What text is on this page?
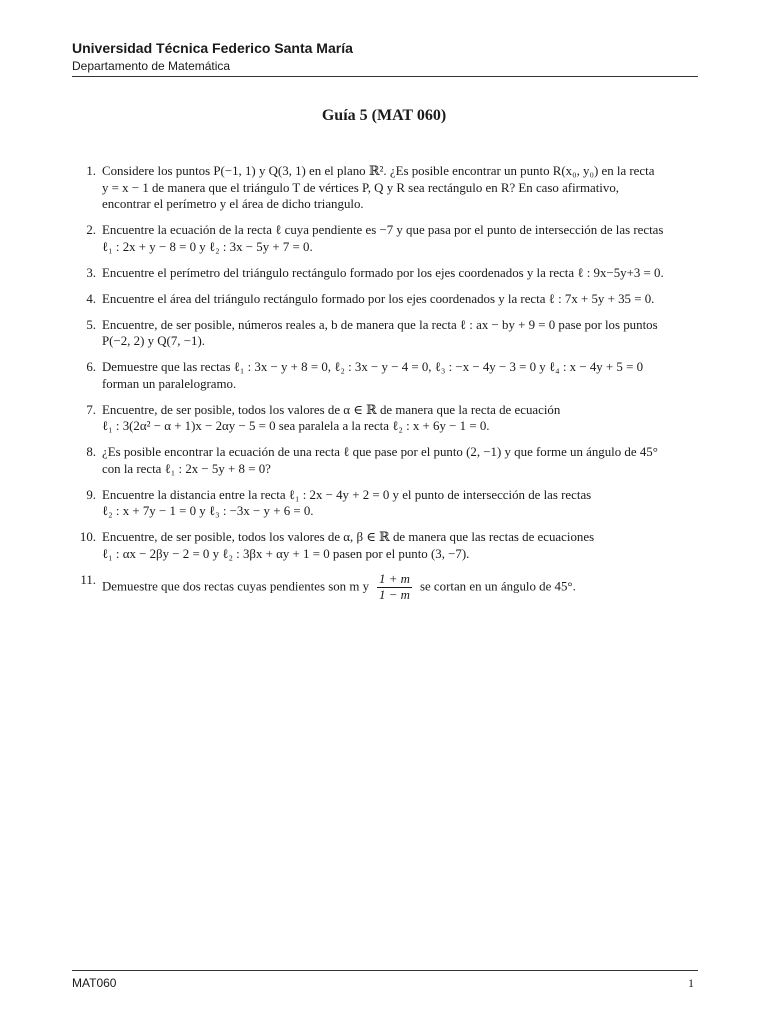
Universidad Técnica Federico Santa María
Departamento de Matemática
Guía 5 (MAT 060)
1. Considere los puntos P(−1, 1) y Q(3, 1) en el plano ℝ². ¿Es posible encontrar un punto R(x₀, y₀) en la recta
y = x − 1 de manera que el triángulo T de vértices P, Q y R sea rectángulo en R? En caso afirmativo,
encontrar el perímetro y el área de dicho triangulo.
2. Encuentre la ecuación de la recta ℓ cuya pendiente es −7 y que pasa por el punto de intersección de las rectas
ℓ₁ : 2x + y − 8 = 0 y ℓ₂ : 3x − 5y + 7 = 0.
3. Encuentre el perímetro del triángulo rectángulo formado por los ejes coordenados y la recta ℓ : 9x−5y+3 = 0.
4. Encuentre el área del triángulo rectángulo formado por los ejes coordenados y la recta ℓ : 7x + 5y + 35 = 0.
5. Encuentre, de ser posible, números reales a, b de manera que la recta ℓ : ax − by + 9 = 0 pase por los puntos
P(−2, 2) y Q(7, −1).
6. Demuestre que las rectas ℓ₁ : 3x − y + 8 = 0, ℓ₂ : 3x − y − 4 = 0, ℓ₃ : −x − 4y − 3 = 0 y ℓ₄ : x − 4y + 5 = 0
forman un paralelogramo.
7. Encuentre, de ser posible, todos los valores de α ∈ ℝ de manera que la recta de ecuación
ℓ₁ : 3(2α² − α + 1)x − 2αy − 5 = 0 sea paralela a la recta ℓ₂ : x + 6y − 1 = 0.
8. ¿Es posible encontrar la ecuación de una recta ℓ que pase por el punto (2, −1) y que forme un ángulo de 45°
con la recta ℓ₁ : 2x − 5y + 8 = 0?
9. Encuentre la distancia entre la recta ℓ₁ : 2x − 4y + 2 = 0 y el punto de intersección de las rectas
ℓ₂ : x + 7y − 1 = 0 y ℓ₃ : −3x − y + 6 = 0.
10. Encuentre, de ser posible, todos los valores de α, β ∈ ℝ de manera que las rectas de ecuaciones
ℓ₁ : αx − 2βy − 2 = 0 y ℓ₂ : 3βx + αy + 1 = 0 pasen por el punto (3, −7).
11. Demuestre que dos rectas cuyas pendientes son m y $\frac{1 + m}{1 - m}$ se cortan en un ángulo de 45°.
MAT060	1
